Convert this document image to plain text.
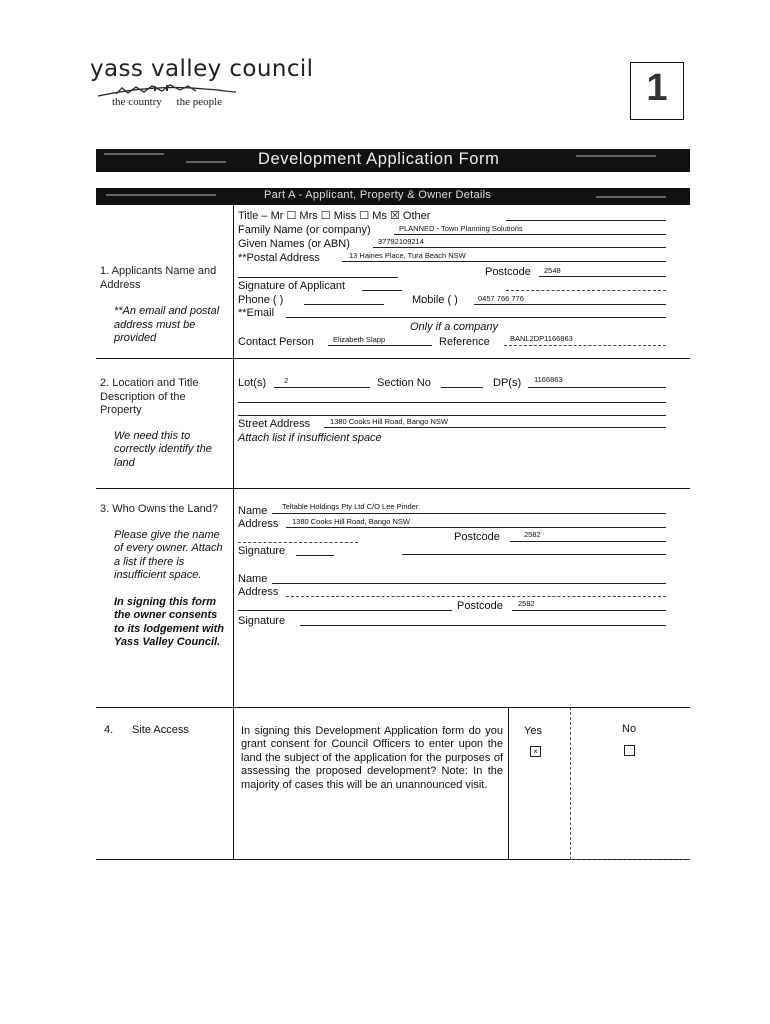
yass valley council
the country the people	1
Development Application Form
Part A - Applicant, Property & Owner Details
1. Applicants Name and Address
**An email and postal address must be provided
Title – Mr ☐ Mrs ☐ Miss ☐ Ms ☒ Other
Family Name (or company)	PLANNED - Town Planning Solutions
Given Names (or ABN)	37792109214
**Postal Address	13 Haines Place, Tura Beach NSW
Postcode 2548
Signature of Applicant
Phone ( )	Mobile ( )	0457 766 776
**Email
Only if a company
Contact Person	Elizabeth Slapp	Reference	BANL2DP1166863
2. Location and Title Description of the Property
We need this to correctly identify the land
Lot(s) 2	Section No	DP(s) 1166863
Street Address	1380 Cooks Hill Road, Bango NSW
Attach list if insufficient space
3. Who Owns the Land?
Please give the name of every owner. Attach a list if there is insufficient space.
In signing this form the owner consents to its lodgement with Yass Valley Council.
Name Teltable Holdings Pty Ltd C/O Lee Pinder
Address 1380 Cooks Hill Road, Bango NSW
Postcode	2582
Signature
Name
Address
Postcode 2582
Signature
4. Site Access	In signing this Development Application form do you grant consent for Council Officers to enter upon the land the subject of the application for the purposes of assessing the proposed development? Note: In the majority of cases this will be an unannounced visit.
Yes
×
No
